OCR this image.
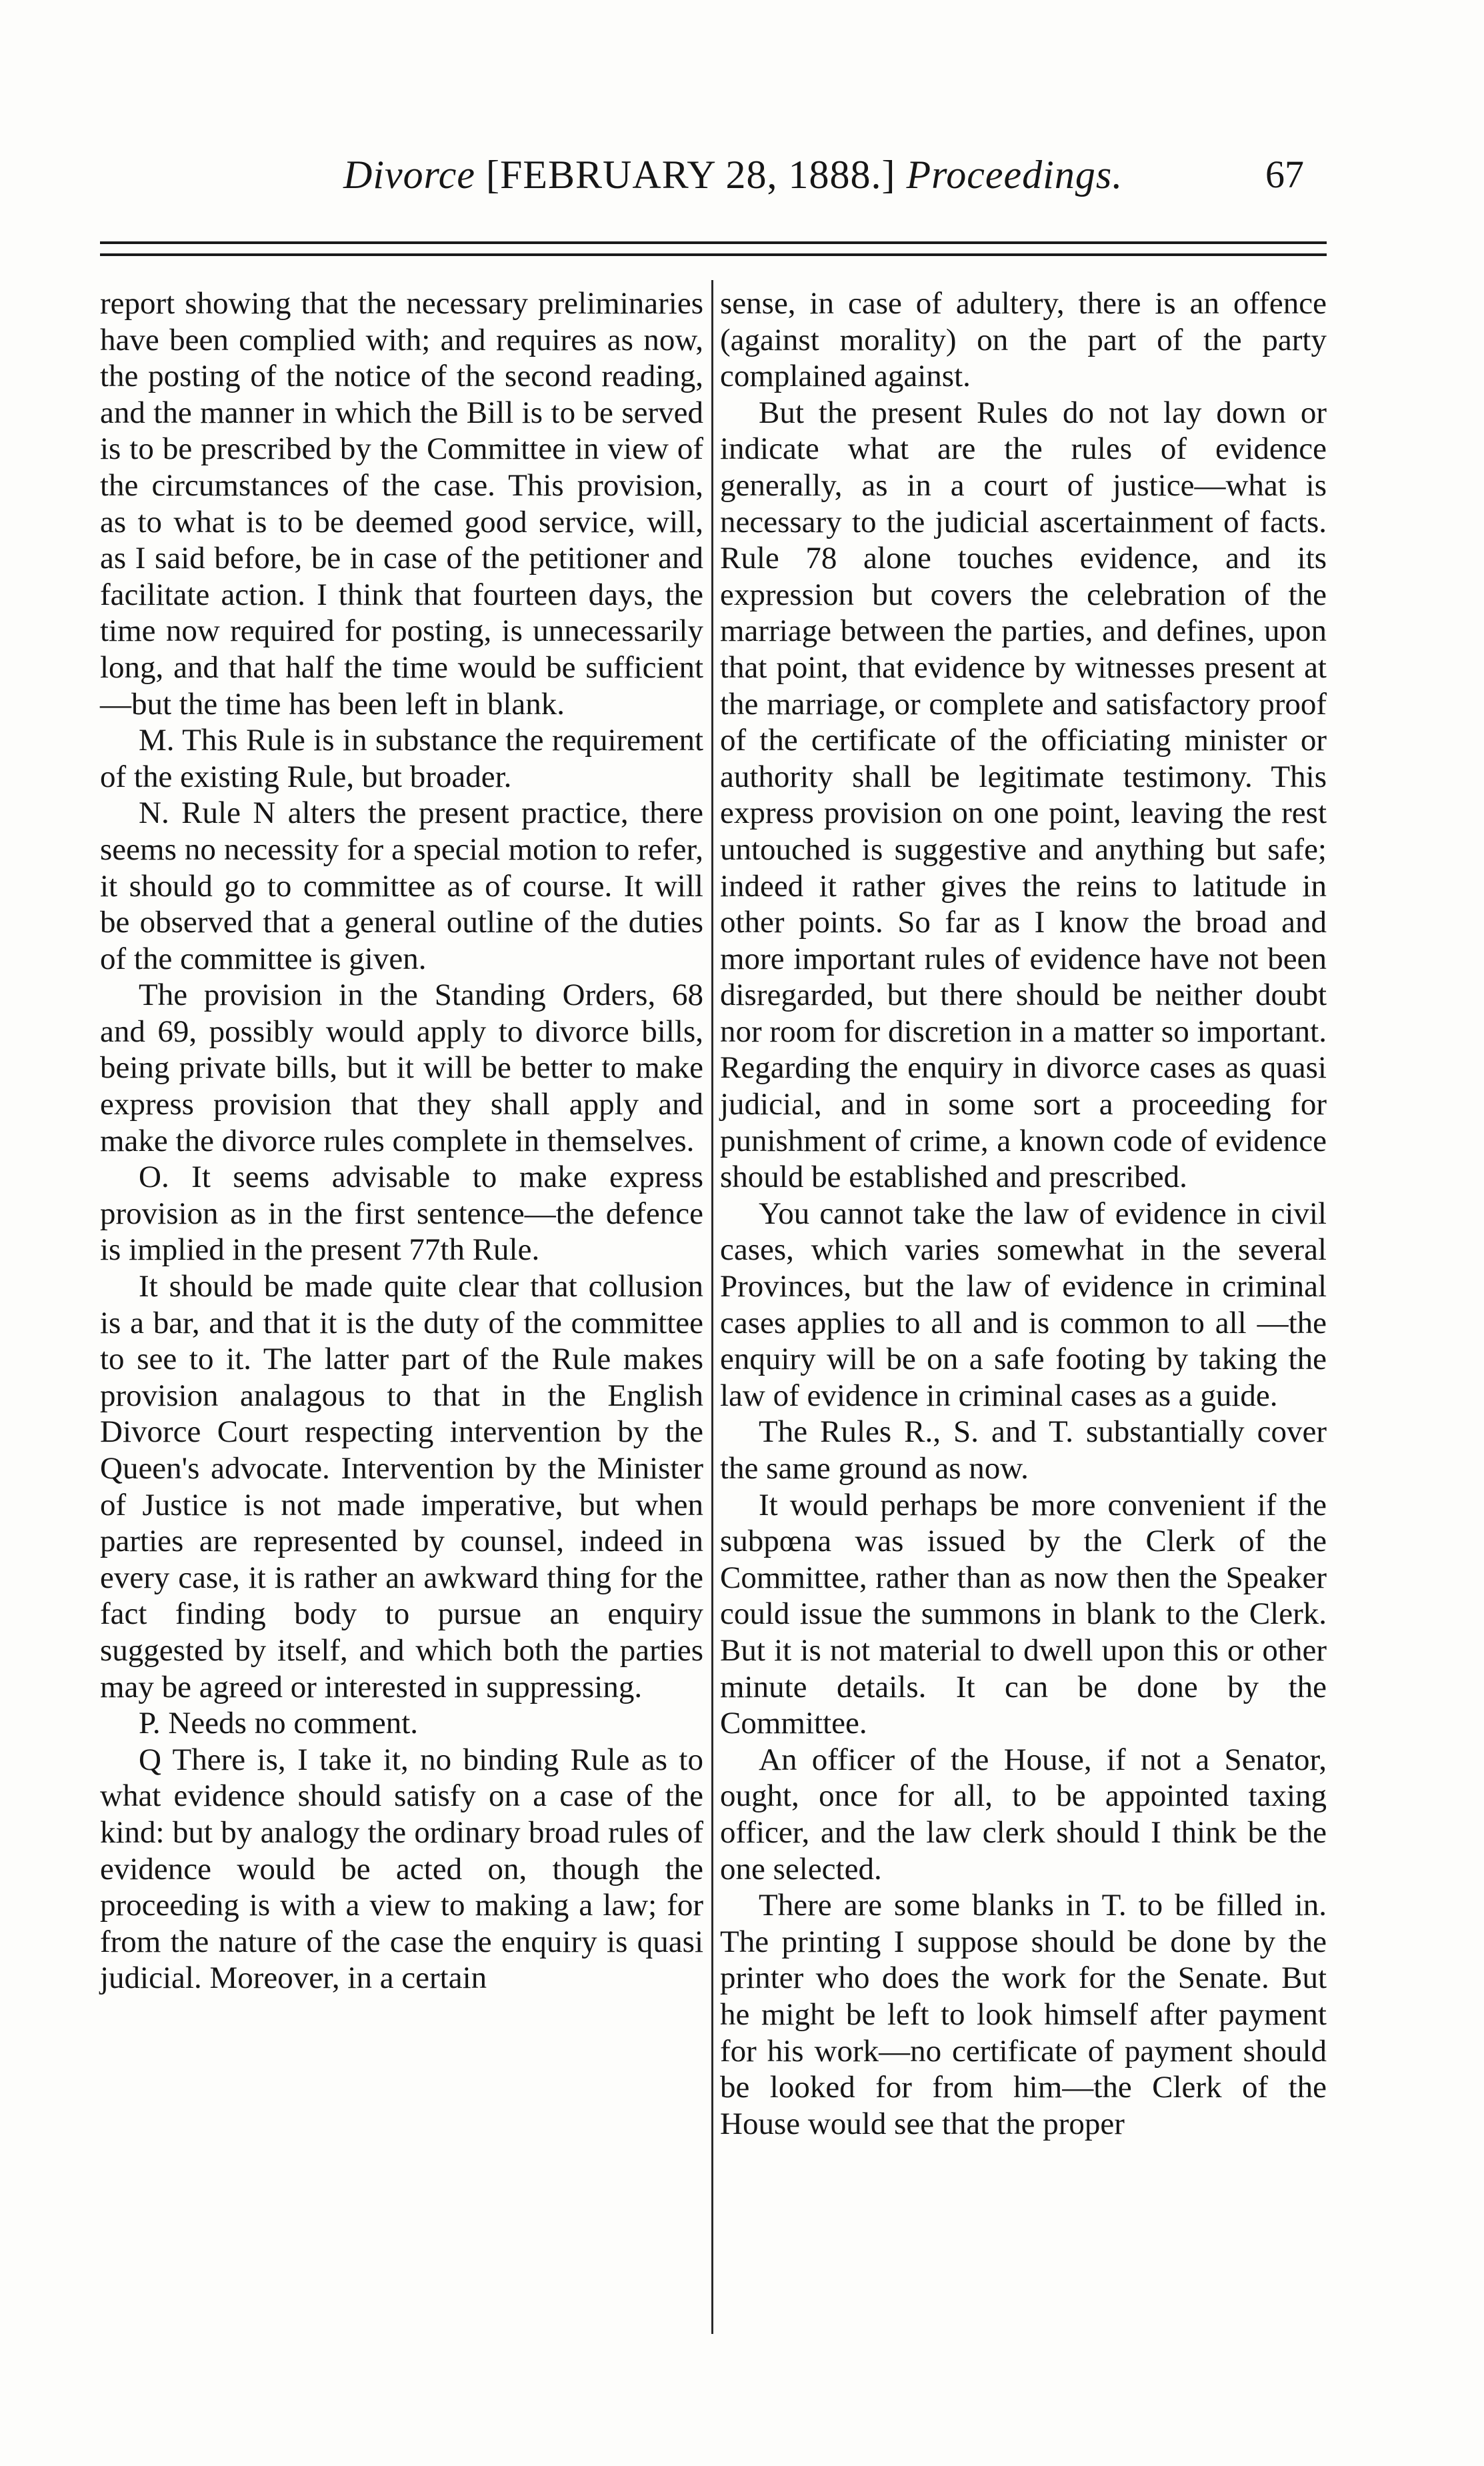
Divorce [FEBRUARY 28, 1888.] Proceedings.	67

report showing that the necessary preliminaries have been complied with; and requires as now, the posting of the notice of the second reading, and the manner in which the Bill is to be served is to be prescribed by the Committee in view of the circumstances of the case. This provision, as to what is to be deemed good service, will, as I said before, be in case of the petitioner and facilitate action. I think that fourteen days, the time now required for posting, is unnecessarily long, and that half the time would be sufficient—but the time has been left in blank.

M. This Rule is in substance the requirement of the existing Rule, but broader.

N. Rule N alters the present practice, there seems no necessity for a special motion to refer, it should go to committee as of course. It will be observed that a general outline of the duties of the committee is given.

The provision in the Standing Orders, 68 and 69, possibly would apply to divorce bills, being private bills, but it will be better to make express provision that they shall apply and make the divorce rules complete in themselves.

O. It seems advisable to make express provision as in the first sentence—the defence is implied in the present 77th Rule.

It should be made quite clear that collusion is a bar, and that it is the duty of the committee to see to it. The latter part of the Rule makes provision analagous to that in the English Divorce Court respecting intervention by the Queen's advocate. Intervention by the Minister of Justice is not made imperative, but when parties are represented by counsel, indeed in every case, it is rather an awkward thing for the fact finding body to pursue an enquiry suggested by itself, and which both the parties may be agreed or interested in suppressing.

P. Needs no comment.

Q There is, I take it, no binding Rule as to what evidence should satisfy on a case of the kind: but by analogy the ordinary broad rules of evidence would be acted on, though the proceeding is with a view to making a law; for from the nature of the case the enquiry is quasi judicial. Moreover, in a certain

sense, in case of adultery, there is an offence (against morality) on the part of the party complained against.

But the present Rules do not lay down or indicate what are the rules of evidence generally, as in a court of justice—what is necessary to the judicial ascertainment of facts. Rule 78 alone touches evidence, and its expression but covers the celebration of the marriage between the parties, and defines, upon that point, that evidence by witnesses present at the marriage, or complete and satisfactory proof of the certificate of the officiating minister or authority shall be legitimate testimony. This express provision on one point, leaving the rest untouched is suggestive and anything but safe; indeed it rather gives the reins to latitude in other points. So far as I know the broad and more important rules of evidence have not been disregarded, but there should be neither doubt nor room for discretion in a matter so important. Regarding the enquiry in divorce cases as quasi judicial, and in some sort a proceeding for punishment of crime, a known code of evidence should be established and prescribed.

You cannot take the law of evidence in civil cases, which varies somewhat in the several Provinces, but the law of evidence in criminal cases applies to all and is common to all —the enquiry will be on a safe footing by taking the law of evidence in criminal cases as a guide.

The Rules R., S. and T. substantially cover the same ground as now.

It would perhaps be more convenient if the subpœna was issued by the Clerk of the Committee, rather than as now then the Speaker could issue the summons in blank to the Clerk. But it is not material to dwell upon this or other minute details. It can be done by the Committee.

An officer of the House, if not a Senator, ought, once for all, to be appointed taxing officer, and the law clerk should I think be the one selected.

There are some blanks in T. to be filled in. The printing I suppose should be done by the printer who does the work for the Senate. But he might be left to look himself after payment for his work—no certificate of payment should be looked for from him—the Clerk of the House would see that the proper
